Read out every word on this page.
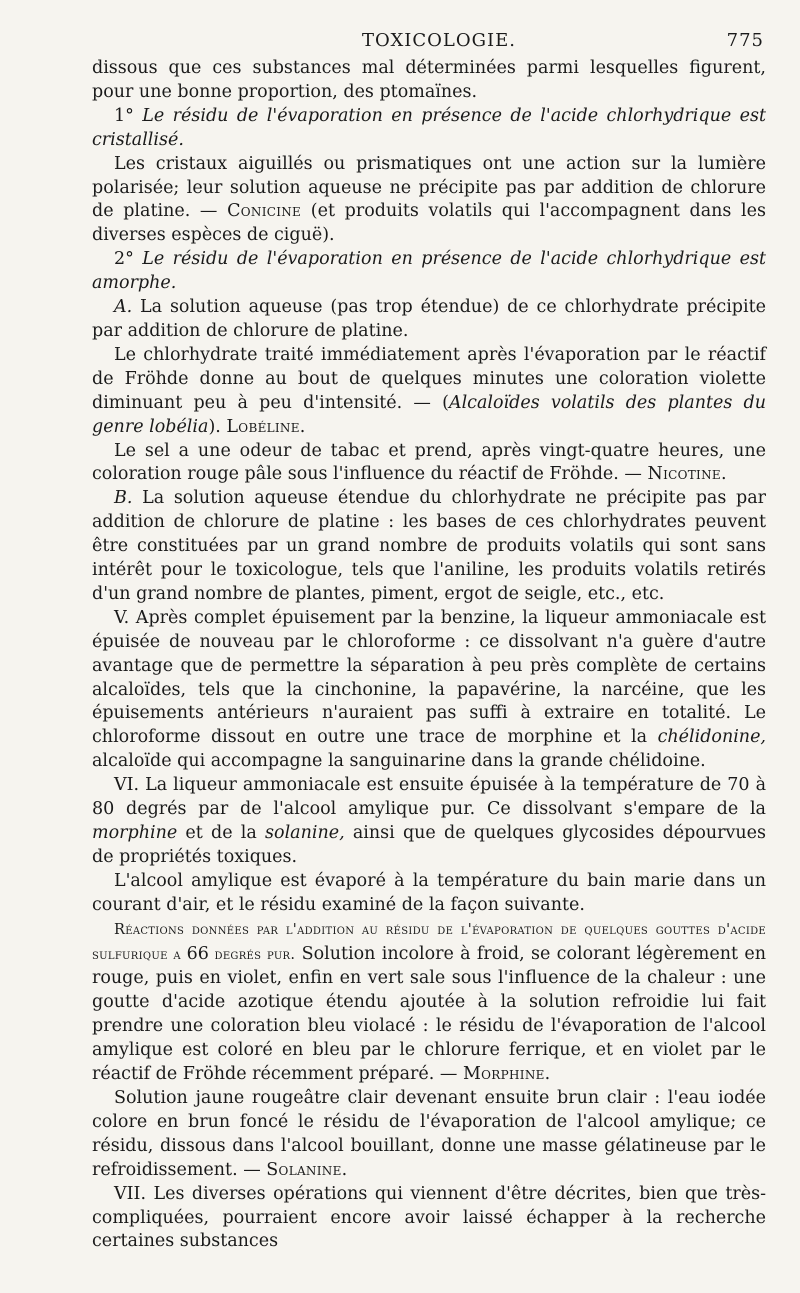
TOXICOLOGIE.	775

dissous que ces substances mal déterminées parmi lesquelles figurent, pour une bonne proportion, des ptomaïnes.

1° Le résidu de l'évaporation en présence de l'acide chlorhydrique est cristallisé.

Les cristaux aiguillés ou prismatiques ont une action sur la lumière polarisée; leur solution aqueuse ne précipite pas par addition de chlorure de platine. — Conicine (et produits volatils qui l'accompagnent dans les diverses espèces de ciguë).

2° Le résidu de l'évaporation en présence de l'acide chlorhydrique est amorphe.

A. La solution aqueuse (pas trop étendue) de ce chlorhydrate précipite par addition de chlorure de platine.

Le chlorhydrate traité immédiatement après l'évaporation par le réactif de Fröhde donne au bout de quelques minutes une coloration violette diminuant peu à peu d'intensité. — (Alcaloïdes volatils des plantes du genre lobélia). Lobéline.

Le sel a une odeur de tabac et prend, après vingt-quatre heures, une coloration rouge pâle sous l'influence du réactif de Fröhde. — Nicotine.

B. La solution aqueuse étendue du chlorhydrate ne précipite pas par addition de chlorure de platine : les bases de ces chlorhydrates peuvent être constituées par un grand nombre de produits volatils qui sont sans intérêt pour le toxicologue, tels que l'aniline, les produits volatils retirés d'un grand nombre de plantes, piment, ergot de seigle, etc., etc.

V. Après complet épuisement par la benzine, la liqueur ammoniacale est épuisée de nouveau par le chloroforme : ce dissolvant n'a guère d'autre avantage que de permettre la séparation à peu près complète de certains alcaloïdes, tels que la cinchonine, la papavérine, la narcéine, que les épuisements antérieurs n'auraient pas suffi à extraire en totalité. Le chloroforme dissout en outre une trace de morphine et la chélidonine, alcaloïde qui accompagne la sanguinarine dans la grande chélidoine.

VI. La liqueur ammoniacale est ensuite épuisée à la température de 70 à 80 degrés par de l'alcool amylique pur. Ce dissolvant s'empare de la morphine et de la solanine, ainsi que de quelques glycosides dépourvues de propriétés toxiques.

L'alcool amylique est évaporé à la température du bain marie dans un courant d'air, et le résidu examiné de la façon suivante.

Réactions données par l'addition au résidu de l'évaporation de quelques gouttes d'acide sulfurique a 66 degrés pur. Solution incolore à froid, se colorant légèrement en rouge, puis en violet, enfin en vert sale sous l'influence de la chaleur : une goutte d'acide azotique étendu ajoutée à la solution refroidie lui fait prendre une coloration bleu violacé : le résidu de l'évaporation de l'alcool amylique est coloré en bleu par le chlorure ferrique, et en violet par le réactif de Fröhde récemment préparé. — Morphine.

Solution jaune rougeâtre clair devenant ensuite brun clair : l'eau iodée colore en brun foncé le résidu de l'évaporation de l'alcool amylique; ce résidu, dissous dans l'alcool bouillant, donne une masse gélatineuse par le refroidissement. — Solanine.

VII. Les diverses opérations qui viennent d'être décrites, bien que très-compliquées, pourraient encore avoir laissé échapper à la recherche certaines substances
